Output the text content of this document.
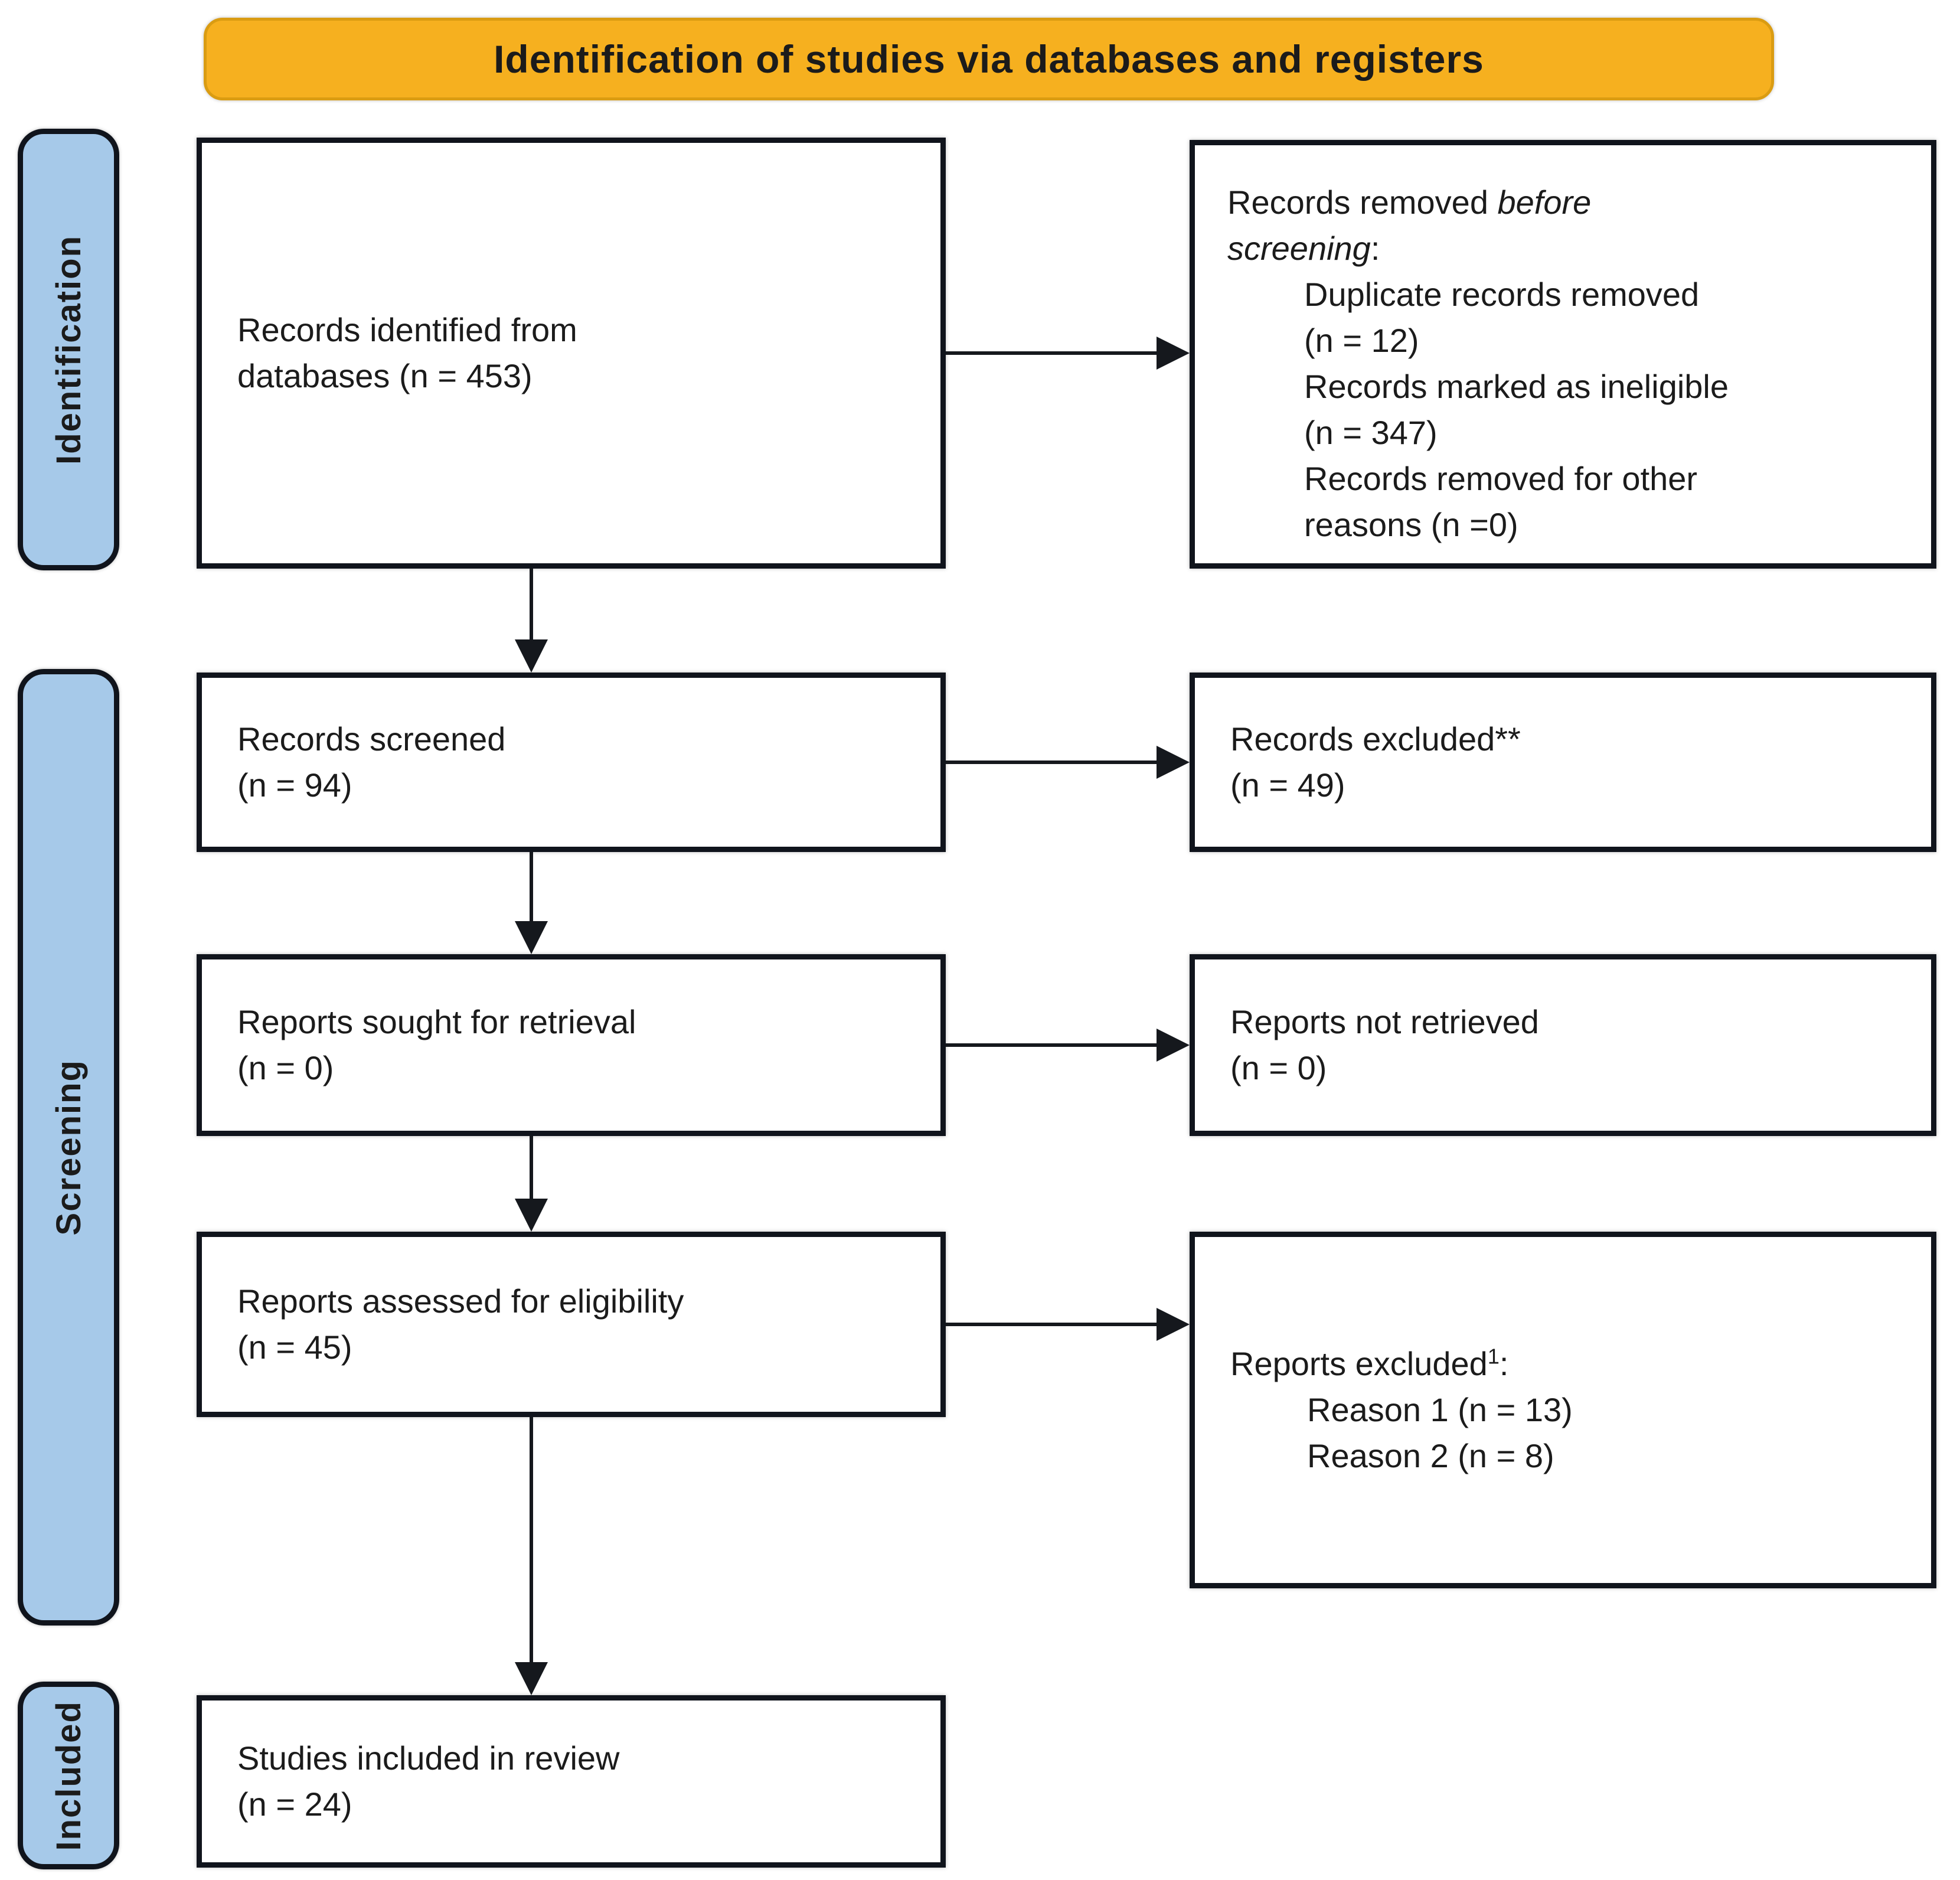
Identification of studies via databases and registers
Identification
Screening
Included
Records identified from
databases (n = 453)
Records removed before
screening:
Duplicate records removed
(n = 12)
Records marked as ineligible
(n = 347)
Records removed for other
reasons (n =0)
Records screened
(n = 94)
Records excluded**
(n = 49)
Reports sought for retrieval
(n = 0)
Reports not retrieved
(n = 0)
Reports assessed for eligibility
(n = 45)	Reports excluded$^1$:
Reason 1 (n = 13)
Reason 2 (n = 8)
Studies included in review
(n = 24)
